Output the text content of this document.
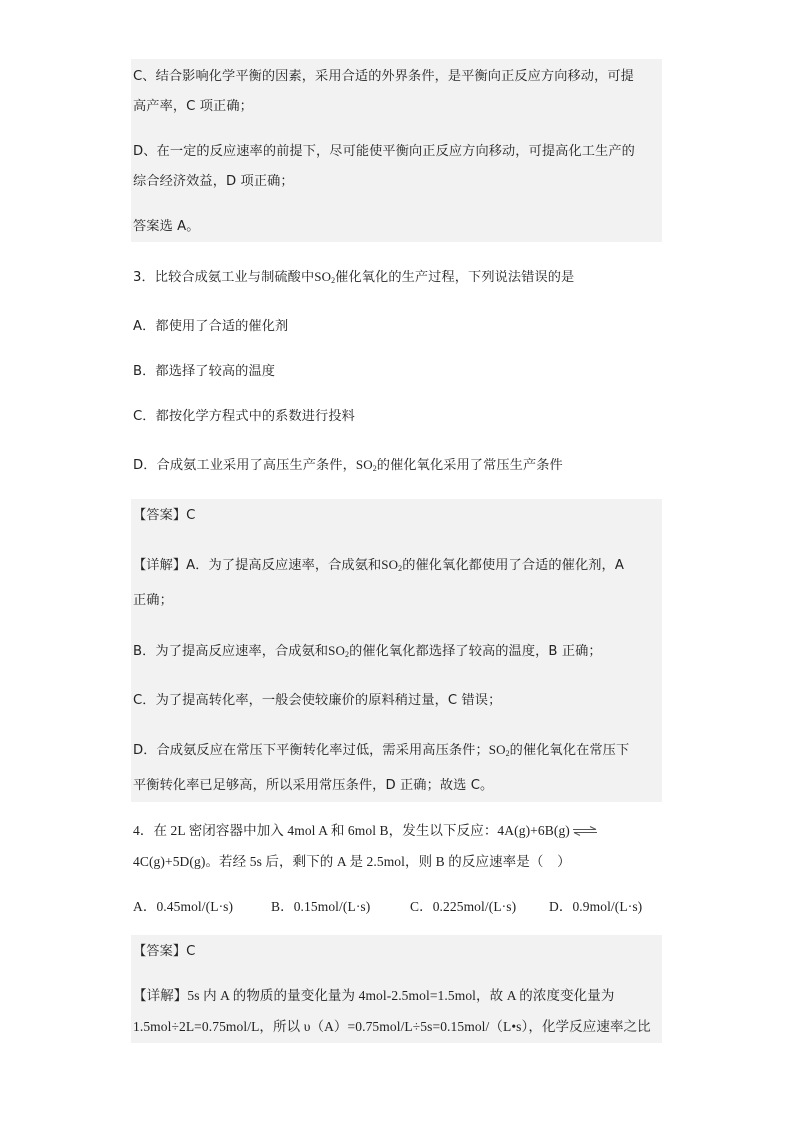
C、结合影响化学平衡的因素，采用合适的外界条件，是平衡向正反应方向移动，可提
高产率，C 项正确；
D、在一定的反应速率的前提下，尽可能使平衡向正反应方向移动，可提高化工生产的
综合经济效益，D 项正确；
答案选 A。
3．比较合成氨工业与制硫酸中$SO_2$催化氧化的生产过程，下列说法错误的是
A．都使用了合适的催化剂
B．都选择了较高的温度
C．都按化学方程式中的系数进行投料
D．合成氨工业采用了高压生产条件，$SO_2$的催化氧化采用了常压生产条件
【答案】C
【详解】A．为了提高反应速率，合成氨和$SO_2$的催化氧化都使用了合适的催化剂，A
正确；
B．为了提高反应速率，合成氨和$SO_2$的催化氧化都选择了较高的温度，B 正确；
C．为了提高转化率，一般会使较廉价的原料稍过量，C 错误；
D．合成氨反应在常压下平衡转化率过低，需采用高压条件；$SO_2$的催化氧化在常压下
平衡转化率已足够高，所以采用常压条件，D 正确；故选 C。
4．在 2L 密闭容器中加入 4mol A 和 6mol B，发生以下反应：4A(g)+6B(g) ⇌
4C(g)+5D(g)。若经 5s 后，剩下的 A 是 2.5mol，则 B 的反应速率是（　）
A．0.45mol/(L·s)	B．0.15mol/(L·s)	C．0.225mol/(L·s) D．0.9mol/(L·s)
【答案】C
【详解】5s 内 A 的物质的量变化量为 4mol-2.5mol=1.5mol，故 A 的浓度变化量为
1.5mol÷2L=0.75mol/L，所以 υ（A）=0.75mol/L÷5s=0.15mol/（L•s），化学反应速率之比
